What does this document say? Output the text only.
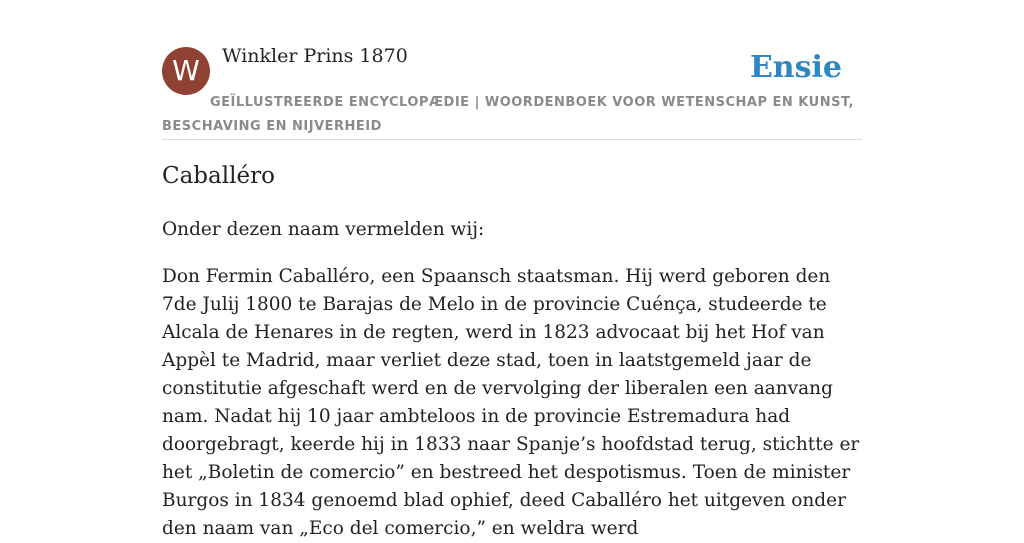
W	Winkler Prins 1870	Ensie
GEÏLLUSTREERDE ENCYCLOPÆDIE | WOORDENBOEK VOOR WETENSCHAP EN KUNST, BESCHAVING EN NIJVERHEID
Caballéro

Onder dezen naam vermelden wij:

Don Fermin Caballéro, een Spaansch staatsman. Hij werd geboren den 7de Julij 1800 te Barajas de Melo in de provincie Cuénça, studeerde te Alcala de Henares in de regten, werd in 1823 advocaat bij het Hof van Appèl te Madrid, maar verliet deze stad, toen in laatstgemeld jaar de constitutie afgeschaft werd en de vervolging der liberalen een aanvang nam. Nadat hij 10 jaar ambteloos in de provincie Estremadura had doorgebragt, keerde hij in 1833 naar Spanje’s hoofdstad terug, stichtte er het „Boletin de comercio” en bestreed het despotismus. Toen de minister Burgos in 1834 genoemd blad ophief, deed Caballéro het uitgeven onder den naam van „Eco del comercio,” en weldra werd
